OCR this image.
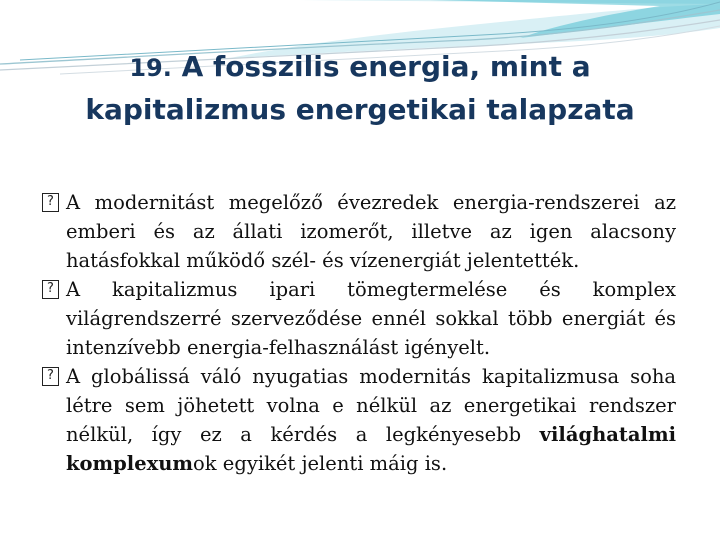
19. A fosszilis energia, mint a kapitalizmus energetikai talapzata

? A modernitást megelőző évezredek energia-rendszerei az emberi és az állati izomerőt, illetve az igen alacsony hatásfokkal működő szél- és vízenergiát jelentették.

? A kapitalizmus ipari tömegtermelése és komplex világrendszerré szerveződése ennél sokkal több energiát és intenzívebb energia-felhasználást igényelt.

? A globálissá váló nyugatias modernitás kapitalizmusa soha létre sem jöhetett volna e nélkül az energetikai rendszer nélkül, így ez a kérdés a legkényesebb világhatalmi komplexumok egyikét jelenti máig is.
